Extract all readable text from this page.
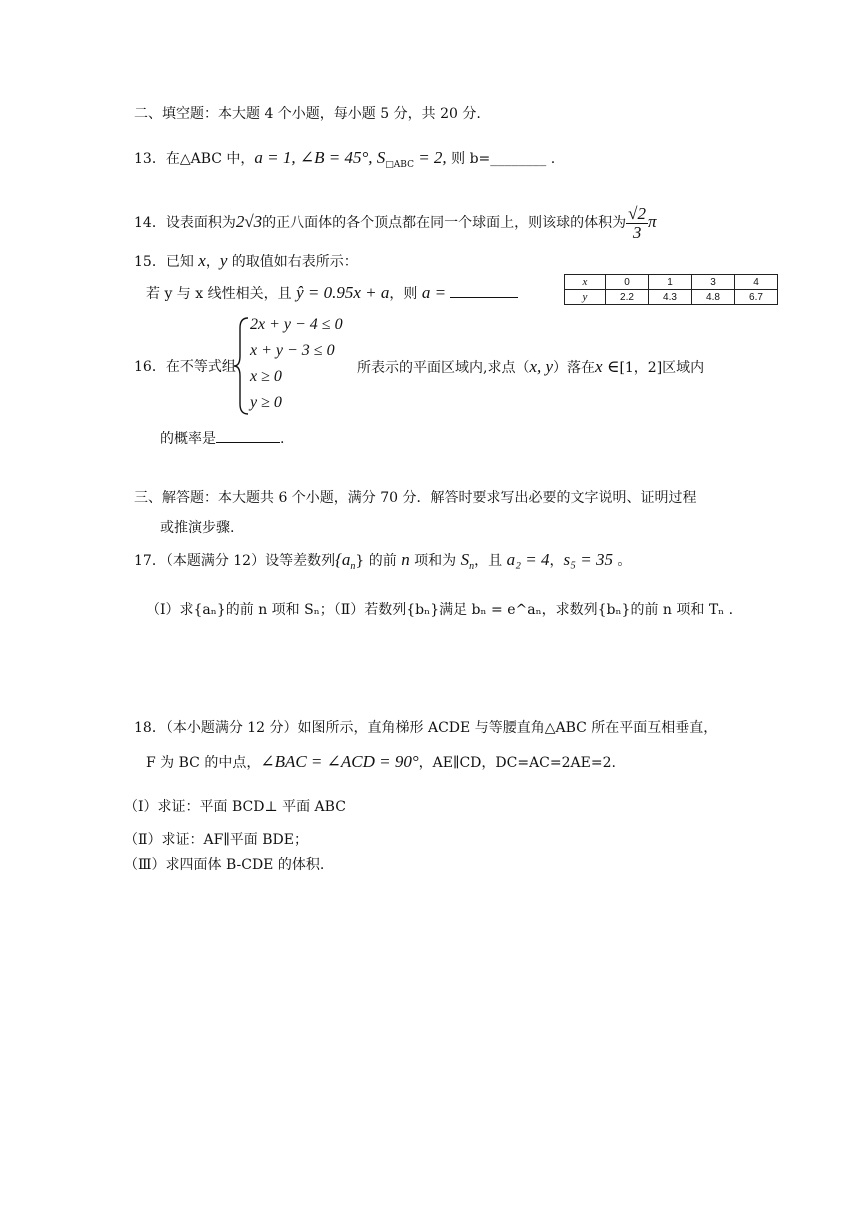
二、填空题：本大题 4 个小题，每小题 5 分，共 20 分.
13．在△ABC 中，a = 1, ∠B = 45°, $S_{□ABC} = 2$, 则 b=________ .
14．设表面积为2√3的正八面体的各个顶点都在同一个球面上，则该球的体积为 $\frac{√2}{3}$ π
15．已知 x，y 的取值如右表所示：
若 y 与 x 线性相关，且 ŷ = 0.95x + a，则 a =
x	0	1	3	4
y	2.2	4.3	4.8	6.7
16．在不等式组
2x + y − 4 ≤ 0
x + y − 3 ≤ 0
x ≥ 0
y ≥ 0
所表示的平面区域内,求点（x, y）落在x ∈[1，2]区域内
的概率是	.
三、解答题：本大题共 6 个小题，满分 70 分．解答时要求写出必要的文字说明、证明过程
或推演步骤.
17．（本题满分 12）设等差数列$\{a_n\}$ 的前 n 项和为 $S_n$，且 a₂ = 4，s₅ = 35 。
（Ⅰ）求{aₙ}的前 n 项和 Sₙ；（Ⅱ）若数列{bₙ}满足 bₙ = e^aₙ，求数列{bₙ}的前 n 项和 Tₙ .
18．（本小题满分 12 分）如图所示，直角梯形 ACDE 与等腰直角△ABC 所在平面互相垂直，
F 为 BC 的中点，∠BAC = ∠ACD = 90°，AE∥CD，DC=AC=2AE=2.
（Ⅰ）求证：平面 BCD⊥ 平面 ABC
（Ⅱ）求证：AF∥平面 BDE；
（Ⅲ）求四面体 B-CDE 的体积.
